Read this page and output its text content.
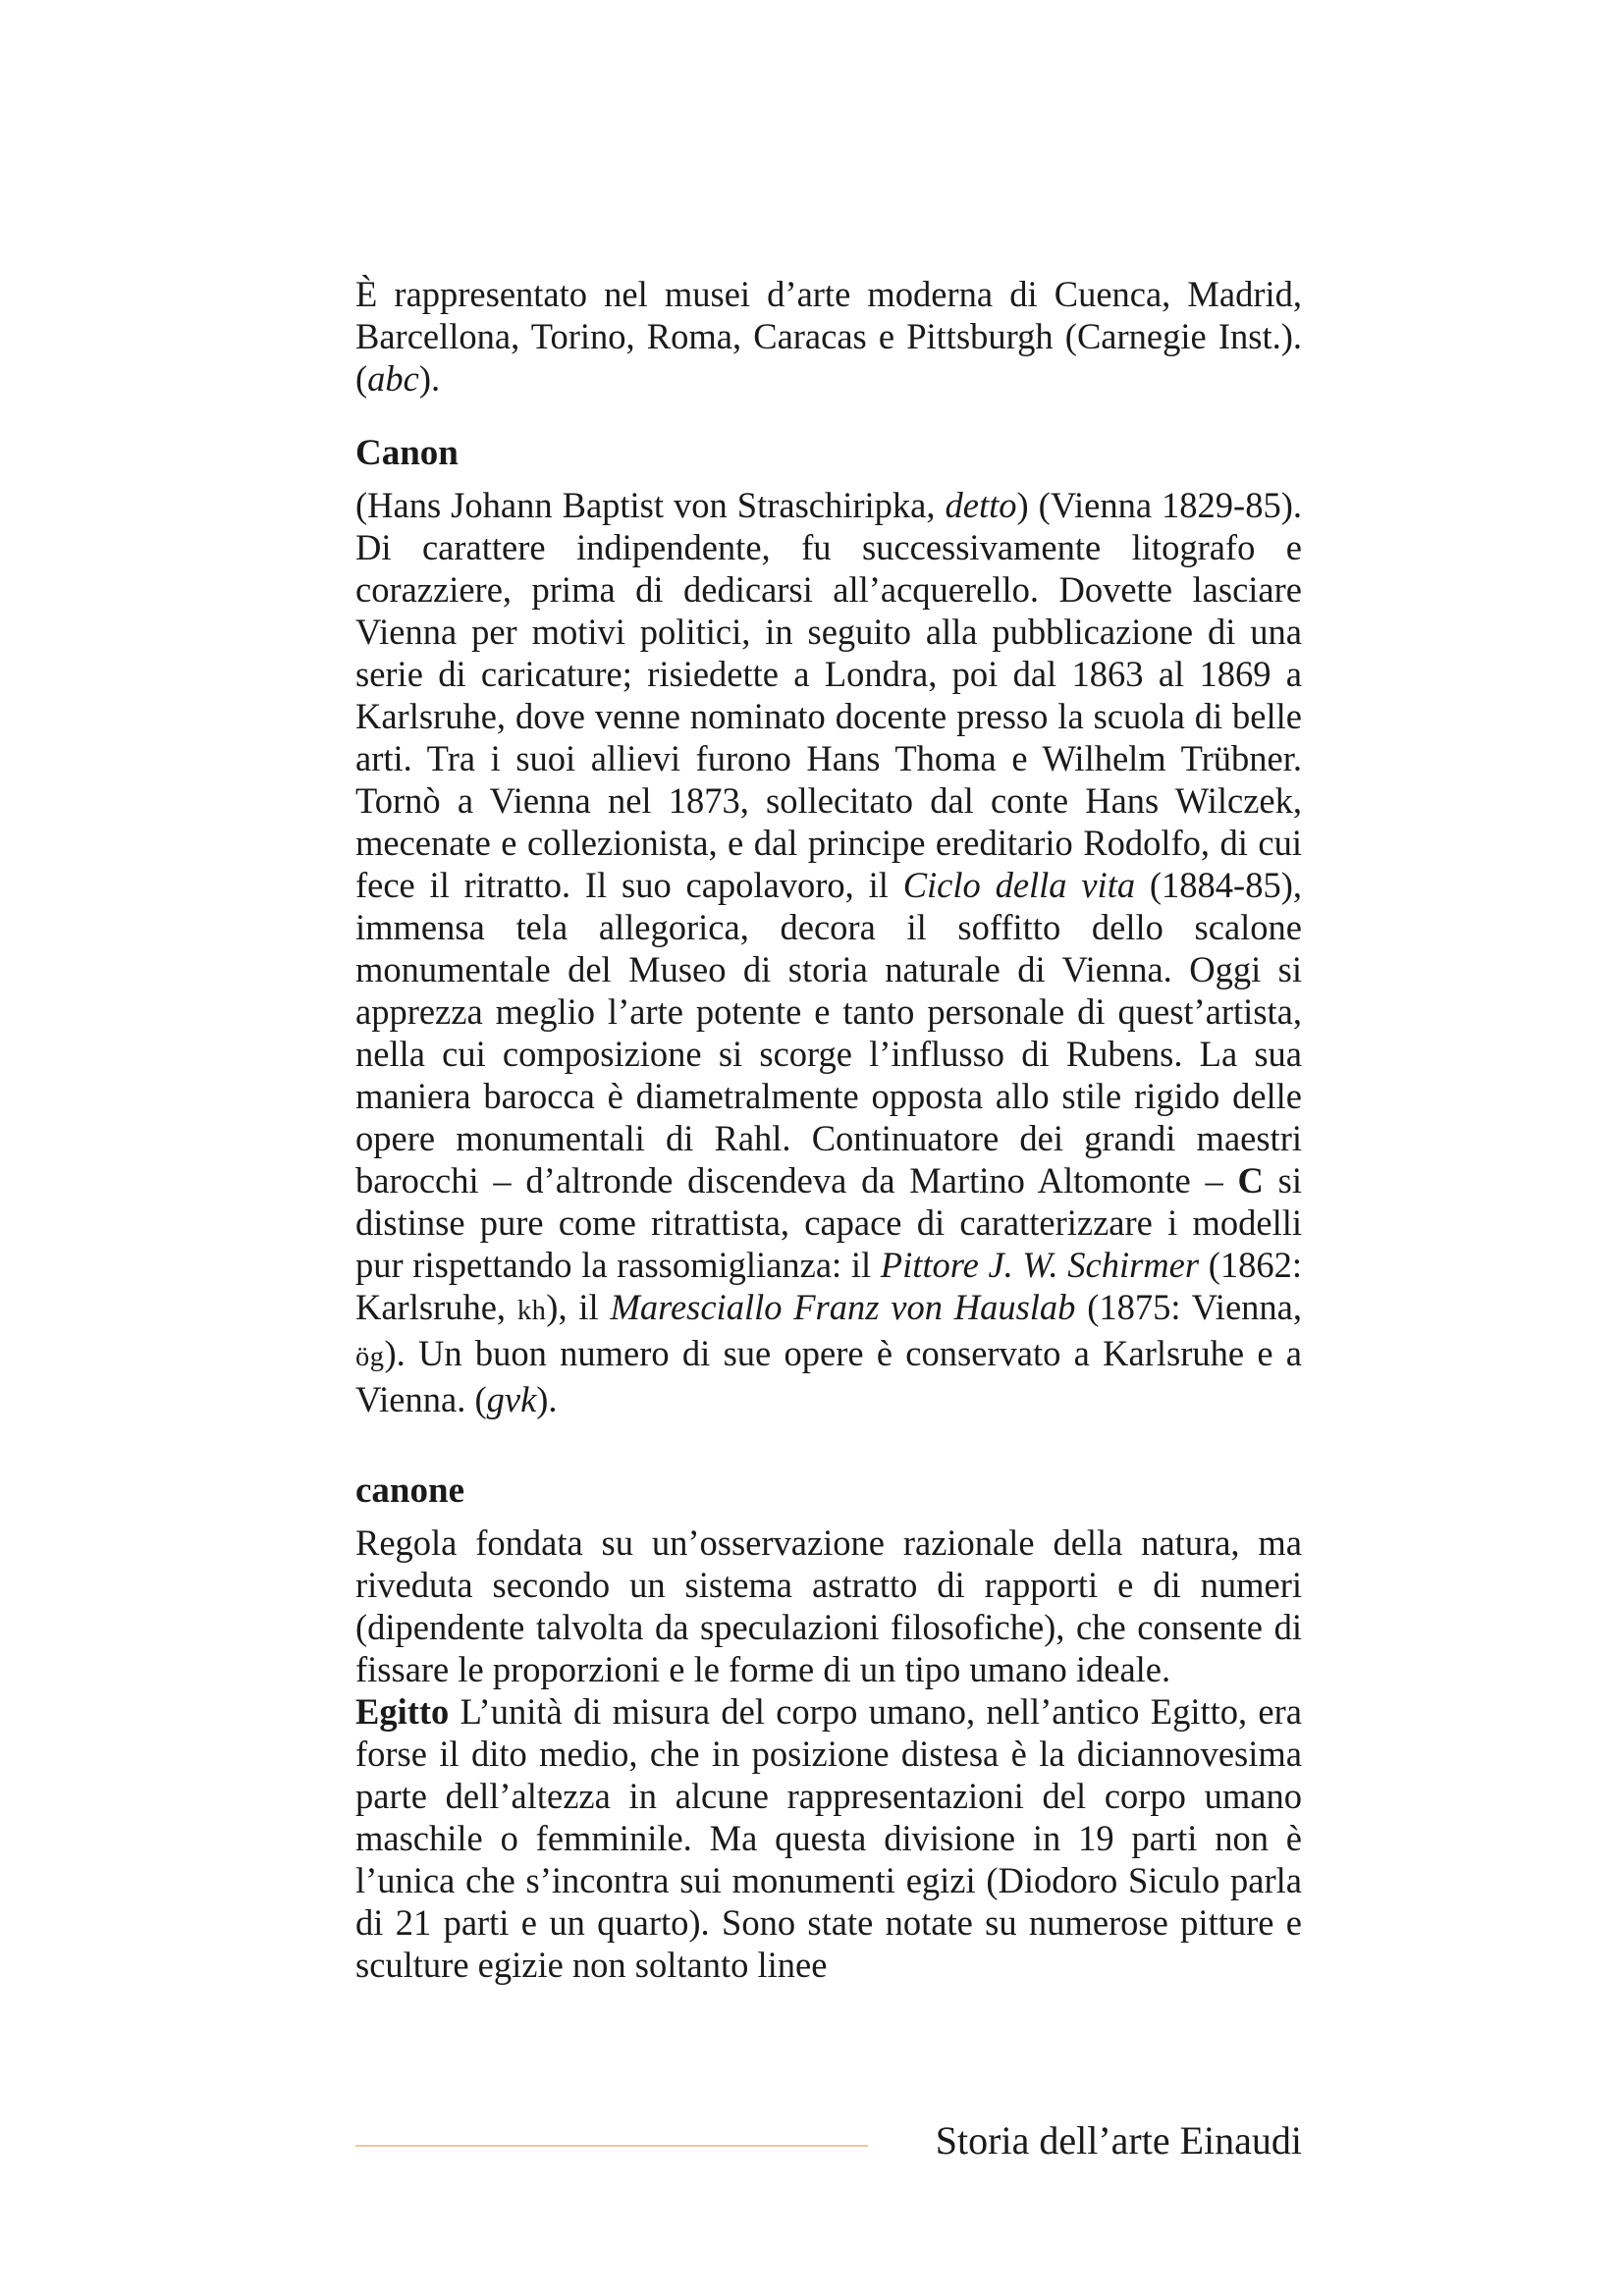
È rappresentato nel musei d’arte moderna di Cuenca, Madrid, Barcellona, Torino, Roma, Caracas e Pittsburgh (Carnegie Inst.). (abc).

Canon

(Hans Johann Baptist von Straschiripka, detto) (Vienna 1829-85). Di carattere indipendente, fu successivamente litografo e corazziere, prima di dedicarsi all’acquerello. Dovette lasciare Vienna per motivi politici, in seguito alla pubblicazione di una serie di caricature; risiedette a Londra, poi dal 1863 al 1869 a Karlsruhe, dove venne nominato docente presso la scuola di belle arti. Tra i suoi allievi furono Hans Thoma e Wilhelm Trübner. Tornò a Vienna nel 1873, sollecitato dal conte Hans Wilczek, mecenate e collezionista, e dal principe ereditario Rodolfo, di cui fece il ritratto. Il suo capolavoro, il Ciclo della vita (1884-85), immensa tela allegorica, decora il soffitto dello scalone monumentale del Museo di storia naturale di Vienna. Oggi si apprezza meglio l’arte potente e tanto personale di quest’artista, nella cui composizione si scorge l’influsso di Rubens. La sua maniera barocca è diametralmente opposta allo stile rigido delle opere monumentali di Rahl. Continuatore dei grandi maestri barocchi – d’altronde discendeva da Martino Altomonte – C si distinse pure come ritrattista, capace di caratterizzare i modelli pur rispettando la rassomiglianza: il Pittore J. W. Schirmer (1862: Karlsruhe, kh), il Maresciallo Franz von Hauslab (1875: Vienna, ög). Un buon numero di sue opere è conservato a Karlsruhe e a Vienna. (gvk).

canone

Regola fondata su un’osservazione razionale della natura, ma riveduta secondo un sistema astratto di rapporti e di numeri (dipendente talvolta da speculazioni filosofiche), che consente di fissare le proporzioni e le forme di un tipo umano ideale.

Egitto L’unità di misura del corpo umano, nell’antico Egitto, era forse il dito medio, che in posizione distesa è la diciannovesima parte dell’altezza in alcune rappresentazioni del corpo umano maschile o femminile. Ma questa divisione in 19 parti non è l’unica che s’incontra sui monumenti egizi (Diodoro Siculo parla di 21 parti e un quarto). Sono state notate su numerose pitture e sculture egizie non soltanto linee

Storia dell’arte Einaudi
